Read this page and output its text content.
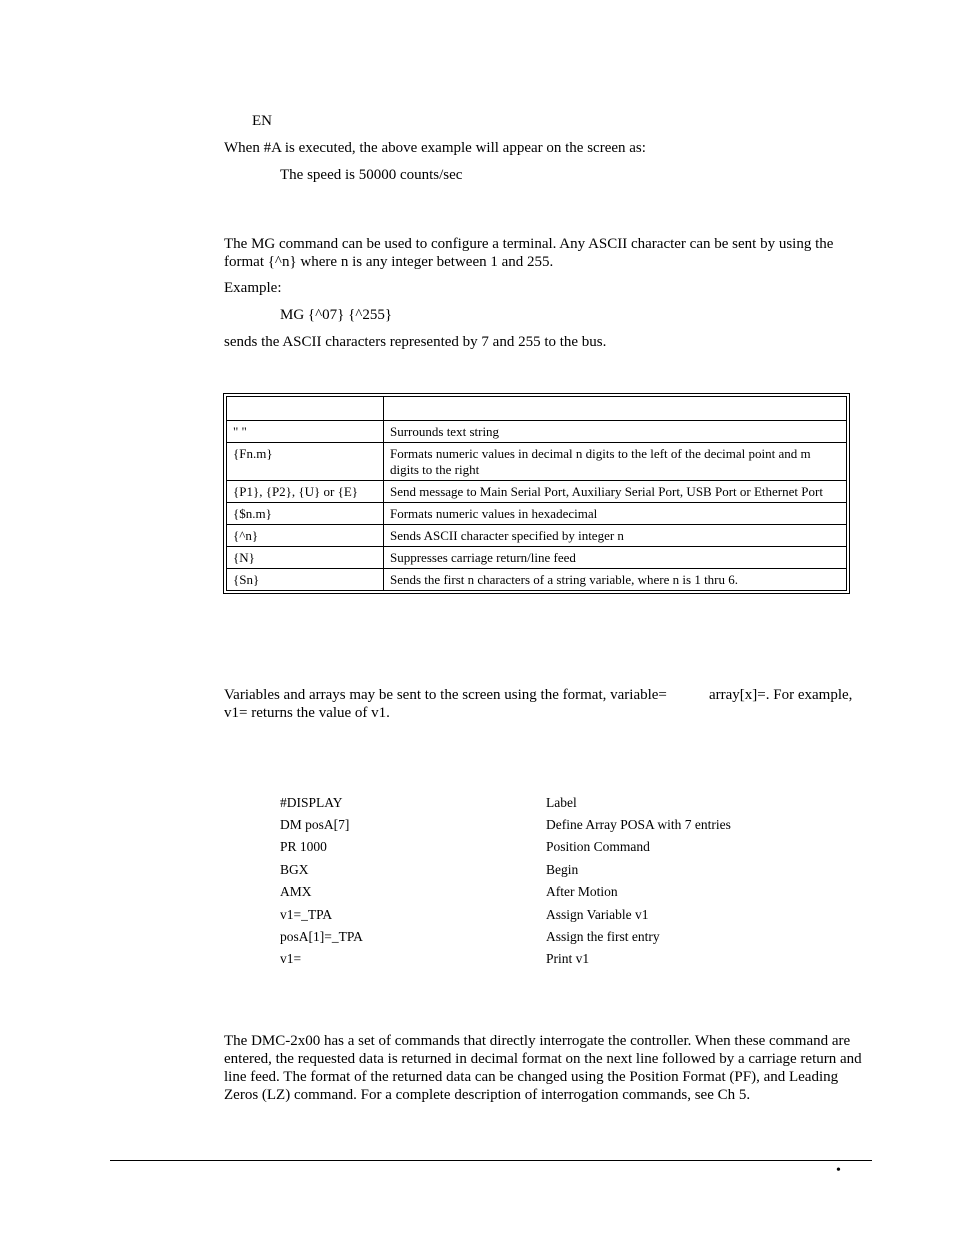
EN
When #A is executed, the above example will appear on the screen as:
The speed is 50000 counts/sec
The MG command can be used to configure a terminal. Any ASCII character can be sent by using the format {^n} where n is any integer between 1 and 255.
Example:
MG {^07} {^255}
sends the ASCII characters represented by 7 and 255 to the bus.

" "	Surrounds text string
{Fn.m}	Formats numeric values in decimal n digits to the left of the decimal point and m digits to the right
{P1}, {P2}, {U} or {E}	Send message to Main Serial Port, Auxiliary Serial Port, USB Port or Ethernet Port
{$n.m}	Formats numeric values in hexadecimal
{^n}	Sends ASCII character specified by integer n
{N}	Suppresses carriage return/line feed
{Sn}	Sends the first n characters of a string variable, where n is 1 thru 6.
Variables and arrays may be sent to the screen using the format, variable=	array[x]=. For example,
v1= returns the value of v1.
#DISPLAY	Label
DM posA[7]	Define Array POSA with 7 entries
PR 1000	Position Command
BGX	Begin
AMX	After Motion
v1=_TPA	Assign Variable v1
posA[1]=_TPA	Assign the first entry
v1=	Print v1
The DMC-2x00 has a set of commands that directly interrogate the controller. When these command are entered, the requested data is returned in decimal format on the next line followed by a carriage return and line feed. The format of the returned data can be changed using the Position Format (PF), and Leading Zeros (LZ) command. For a complete description of interrogation commands, see Ch 5.
•
